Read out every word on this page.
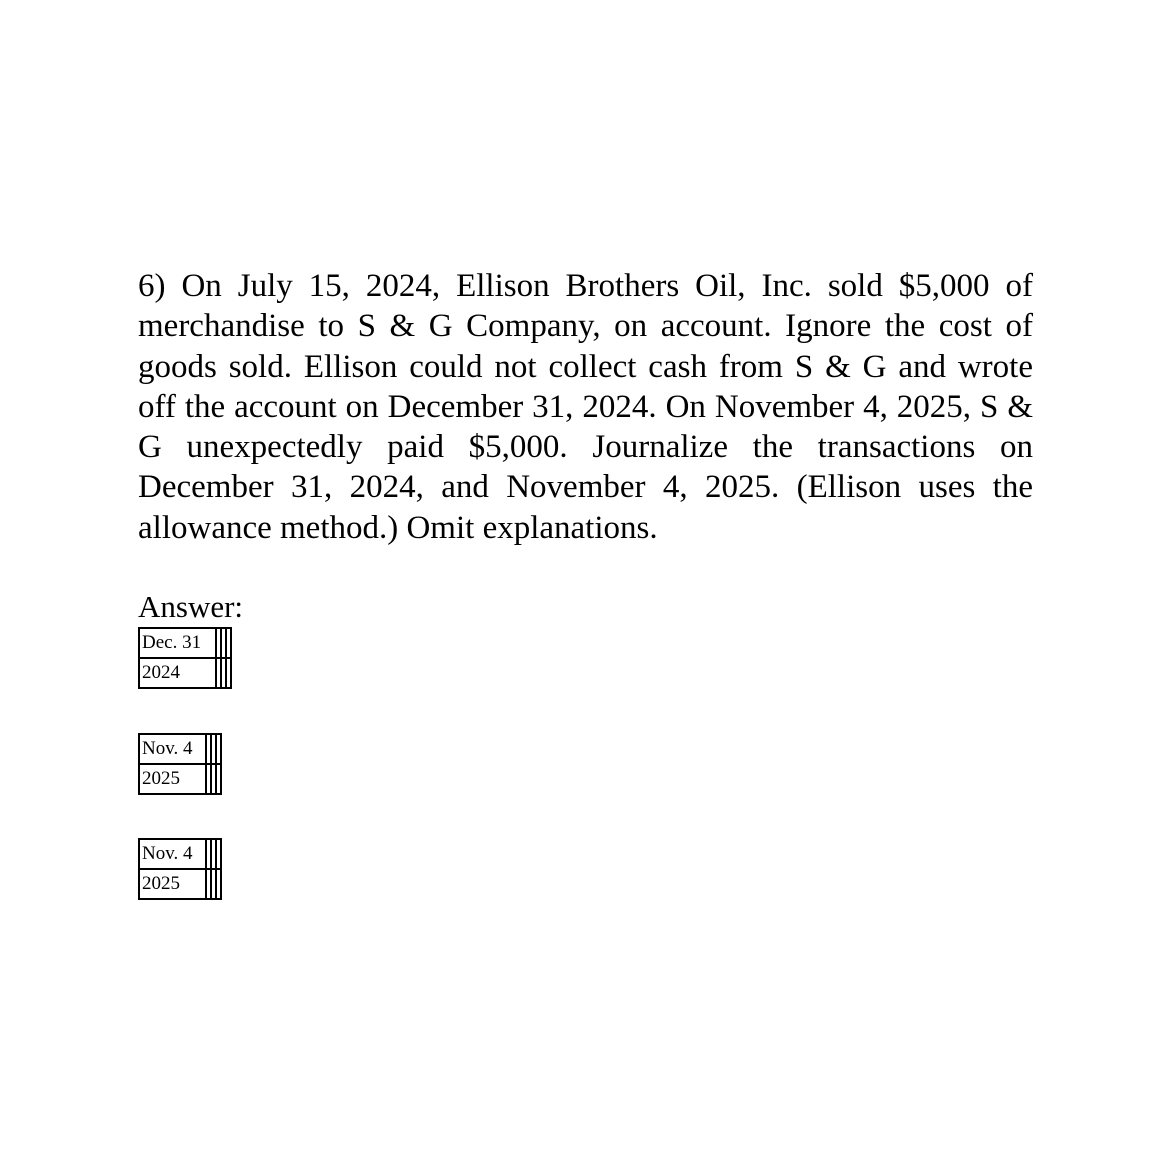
6) On July 15, 2024, Ellison Brothers Oil, Inc. sold $5,000 of merchandise to S & G Company, on account. Ignore the cost of goods sold. Ellison could not collect cash from S & G and wrote off the account on December 31, 2024. On November 4, 2025, S & G unexpectedly paid $5,000. Journalize the transactions on December 31, 2024, and November 4, 2025. (Ellison uses the allowance method.) Omit explanations.

Answer:
Dec. 31			
2024			
Nov. 4			
2025			
Nov. 4			
2025			
